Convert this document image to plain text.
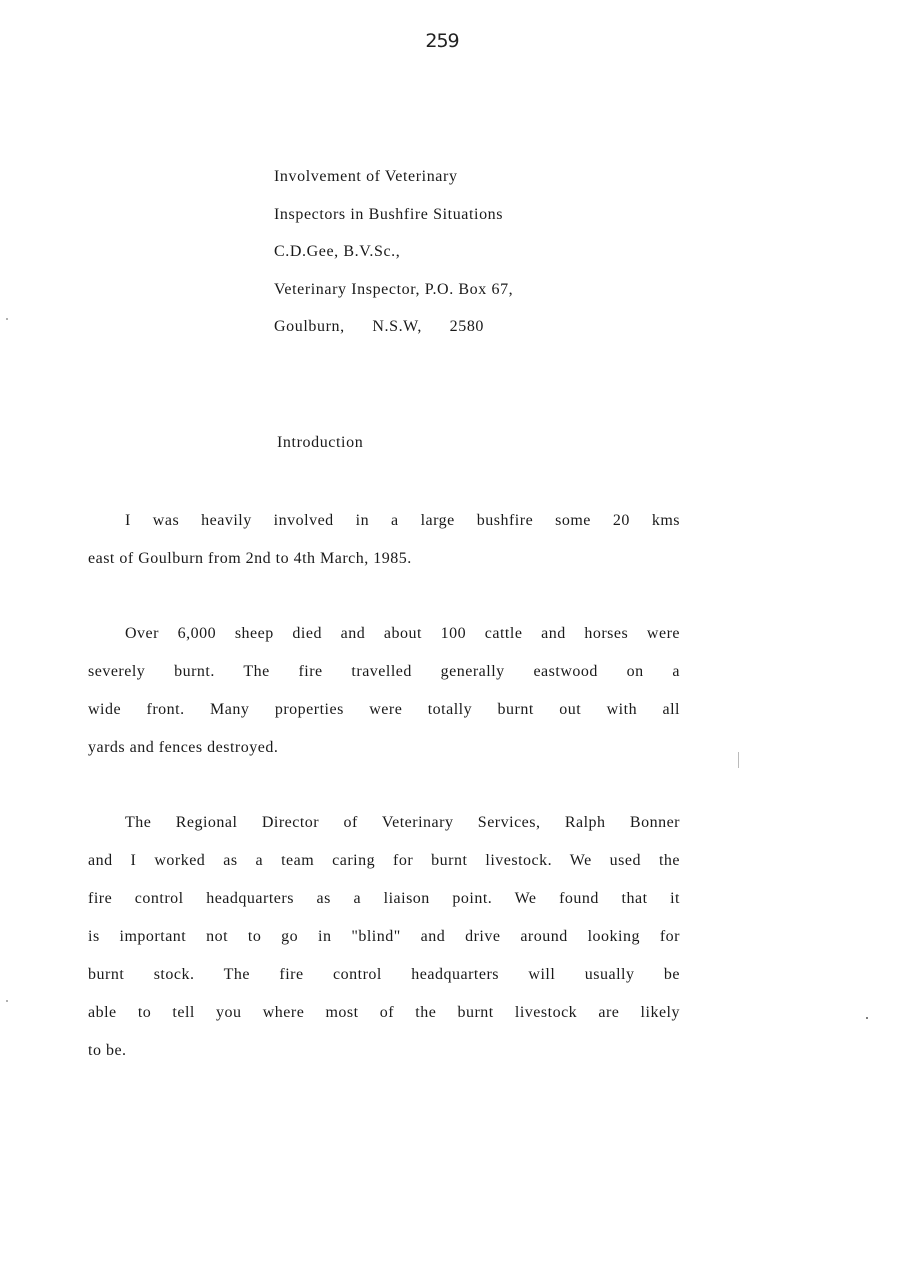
259
Involvement of Veterinary
Inspectors in Bushfire Situations
C.D.Gee, B.V.Sc.,
Veterinary Inspector, P.O. Box 67,
Goulburn,      N.S.W,      2580
Introduction
I was heavily involved in a large bushfire some 20 kms
east of Goulburn from 2nd to 4th March, 1985.
Over 6,000 sheep died and about 100 cattle and horses were
severely burnt. The fire travelled generally eastwood on a
wide front. Many properties were totally burnt out with all
yards and fences destroyed.
The Regional Director of Veterinary Services, Ralph Bonner
and I worked as a team caring for burnt livestock. We used the
fire control headquarters as a liaison point. We found that it
is important not to go in "blind" and drive around looking for
burnt stock. The fire control headquarters will usually be
able to tell you where most of the burnt livestock are likely
to be.
